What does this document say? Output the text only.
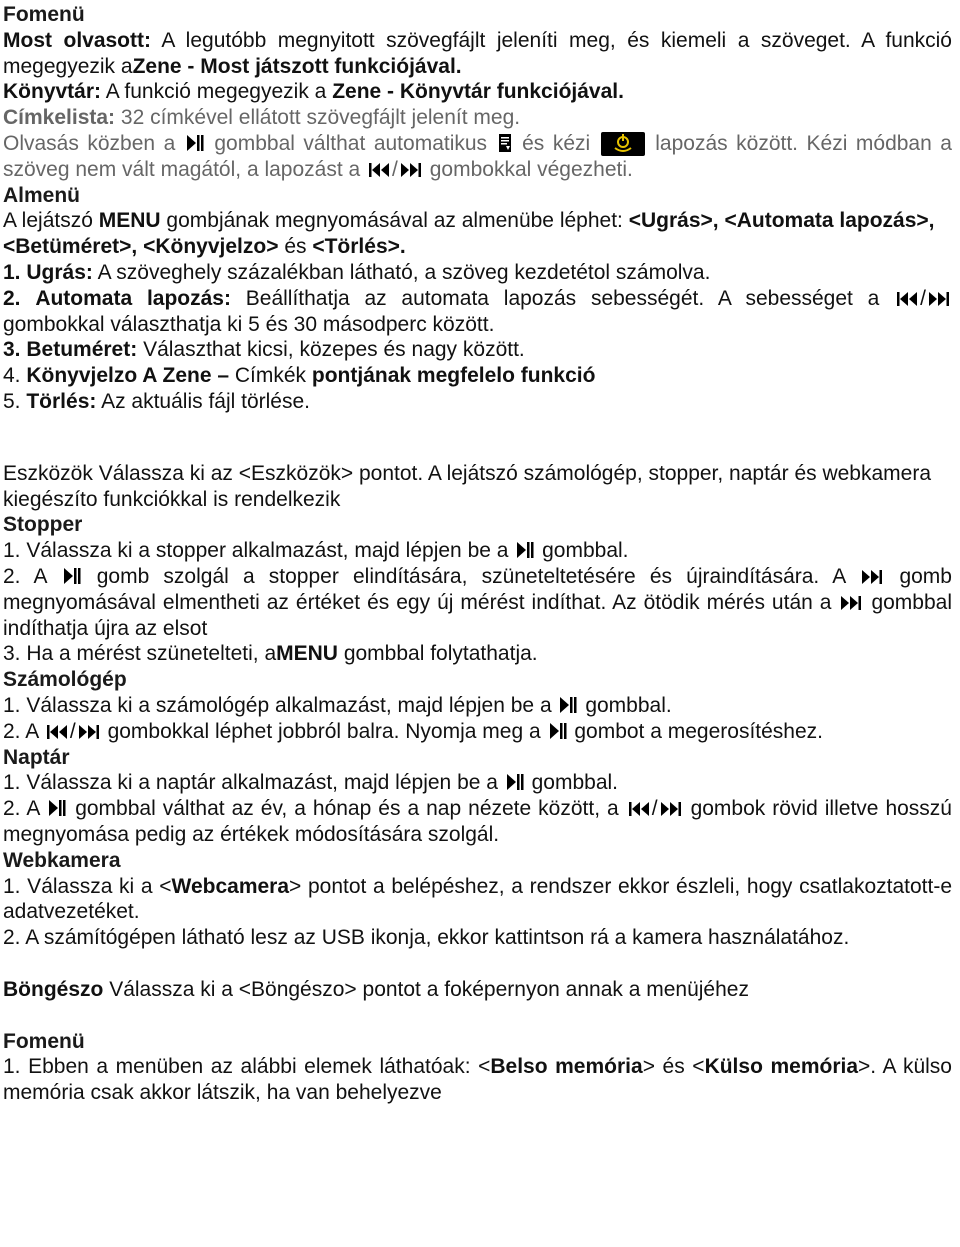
Fomenü

Most olvasott: A legutóbb megnyitott szövegfájlt jeleníti meg, és kiemeli a szöveget. A funkció megegyezik aZene - Most játszott funkciójával.

Könyvtár: A funkció megegyezik a Zene - Könyvtár funkciójával.

Címkelista: 32 címkével ellátott szövegfájlt jelenít meg.

Olvasás közben a gombbal válthat automatikus és kézi	lapozás között. Kézi módban a szöveg nem vált magától, a lapozást a / gombokkal végezheti.

Almenü

A lejátszó MENU gombjának megnyomásával az almenübe léphet: <Ugrás>, <Automata lapozás>, <Betüméret>, <Könyvjelzo> és <Törlés>.

1. Ugrás: A szöveghely százalékban látható, a szöveg kezdetétol számolva.

2. Automata lapozás: Beállíthatja az automata lapozás sebességét. A sebességet a /
gombokkal választhatja ki 5 és 30 másodperc között.

3. Betuméret: Választhat kicsi, közepes és nagy között.

4. Könyvjelzo A Zene – Címkék pontjának megfelelo funkció

5. Törlés: Az aktuális fájl törlése.

Eszközök Válassza ki az <Eszközök> pontot. A lejátszó számológép, stopper, naptár és webkamera kiegészíto funkciókkal is rendelkezik

Stopper

1. Válassza ki a stopper alkalmazást, majd lépjen be a gombbal.

2. A gomb szolgál a stopper elindítására, szüneteltetésére és újraindítására. A	gomb megnyomásával elmentheti az értéket és egy új mérést indíthat. Az ötödik mérés után a gombbal indíthatja újra az elsot

3. Ha a mérést szünetelteti, aMENU gombbal folytathatja.

Számológép

1. Válassza ki a számológép alkalmazást, majd lépjen be a gombbal.

2. A / gombokkal léphet jobbról balra. Nyomja meg a gombot a megerosítéshez.

Naptár

1. Válassza ki a naptár alkalmazást, majd lépjen be a gombbal.

2. A gombbal válthat az év, a hónap és a nap nézete között, a / gombok rövid illetve hosszú megnyomása pedig az értékek módosítására szolgál.

Webkamera

1. Válassza ki a <Webcamera> pontot a belépéshez, a rendszer ekkor észleli, hogy csatlakoztatott-e adatvezetéket.

2. A számítógépen látható lesz az USB ikonja, ekkor kattintson rá a kamera használatához.

Böngészo Válassza ki a <Böngészo> pontot a foképernyon annak a menüjéhez

Fomenü

1. Ebben a menüben az alábbi elemek láthatóak: <Belso memória> és <Külso memória>. A külso memória csak akkor látszik, ha van behelyezve
